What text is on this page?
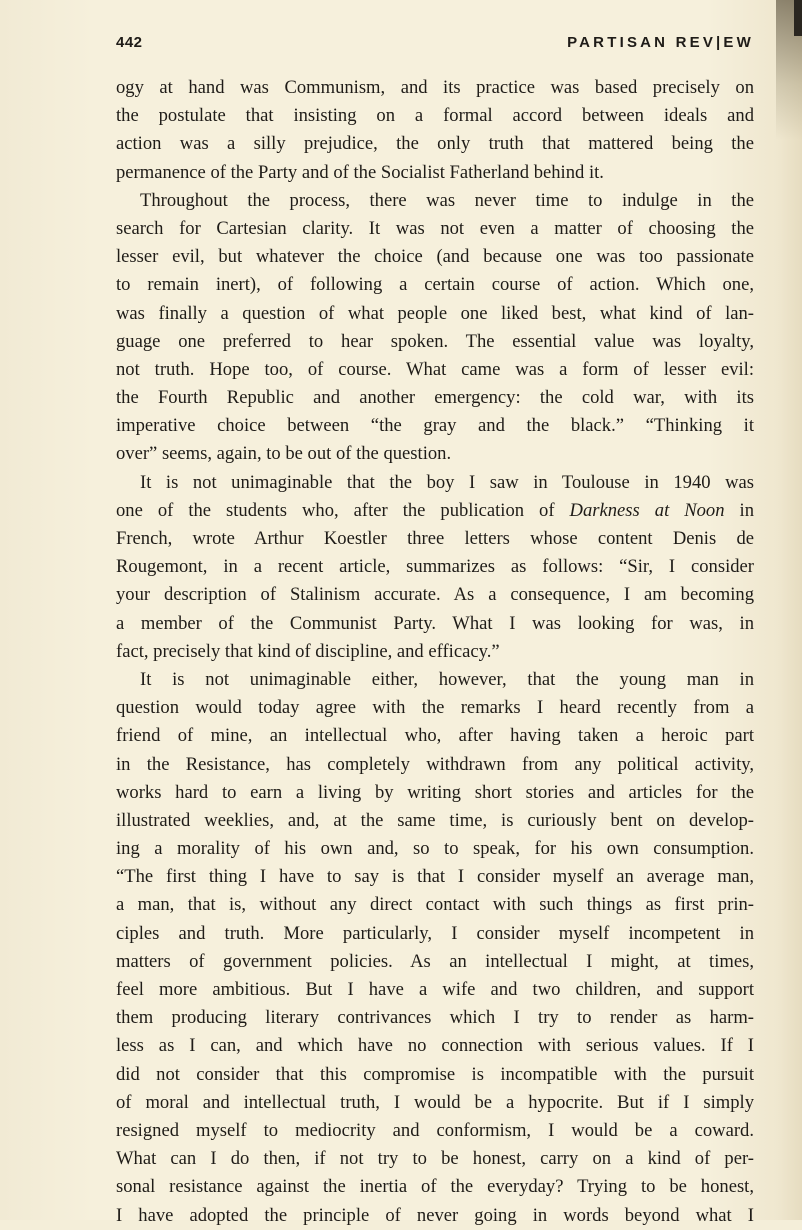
442	PARTISAN REV|EW
ogy at hand was Communism, and its practice was based precisely on
the postulate that insisting on a formal accord between ideals and
action was a silly prejudice, the only truth that mattered being the
permanence of the Party and of the Socialist Fatherland behind it.
Throughout the process, there was never time to indulge in the
search for Cartesian clarity. It was not even a matter of choosing the
lesser evil, but whatever the choice (and because one was too passionate
to remain inert), of following a certain course of action. Which one,
was finally a question of what people one liked best, what kind of lan-
guage one preferred to hear spoken. The essential value was loyalty,
not truth. Hope too, of course. What came was a form of lesser evil:
the Fourth Republic and another emergency: the cold war, with its
imperative choice between “the gray and the black.” “Thinking it
over” seems, again, to be out of the question.
It is not unimaginable that the boy I saw in Toulouse in 1940 was
one of the students who, after the publication of Darkness at Noon in
French, wrote Arthur Koestler three letters whose content Denis de
Rougemont, in a recent article, summarizes as follows: “Sir, I consider
your description of Stalinism accurate. As a consequence, I am becoming
a member of the Communist Party. What I was looking for was, in
fact, precisely that kind of discipline, and efficacy.”
It is not unimaginable either, however, that the young man in
question would today agree with the remarks I heard recently from a
friend of mine, an intellectual who, after having taken a heroic part
in the Resistance, has completely withdrawn from any political activity,
works hard to earn a living by writing short stories and articles for the
illustrated weeklies, and, at the same time, is curiously bent on develop-
ing a morality of his own and, so to speak, for his own consumption.
“The first thing I have to say is that I consider myself an average man,
a man, that is, without any direct contact with such things as first prin-
ciples and truth. More particularly, I consider myself incompetent in
matters of government policies. As an intellectual I might, at times,
feel more ambitious. But I have a wife and two children, and support
them producing literary contrivances which I try to render as harm-
less as I can, and which have no connection with serious values. If I
did not consider that this compromise is incompatible with the pursuit
of moral and intellectual truth, I would be a hypocrite. But if I simply
resigned myself to mediocrity and conformism, I would be a coward.
What can I do then, if not try to be honest, carry on a kind of per-
sonal resistance against the inertia of the everyday? Trying to be honest,
I have adopted the principle of never going in words beyond what I
